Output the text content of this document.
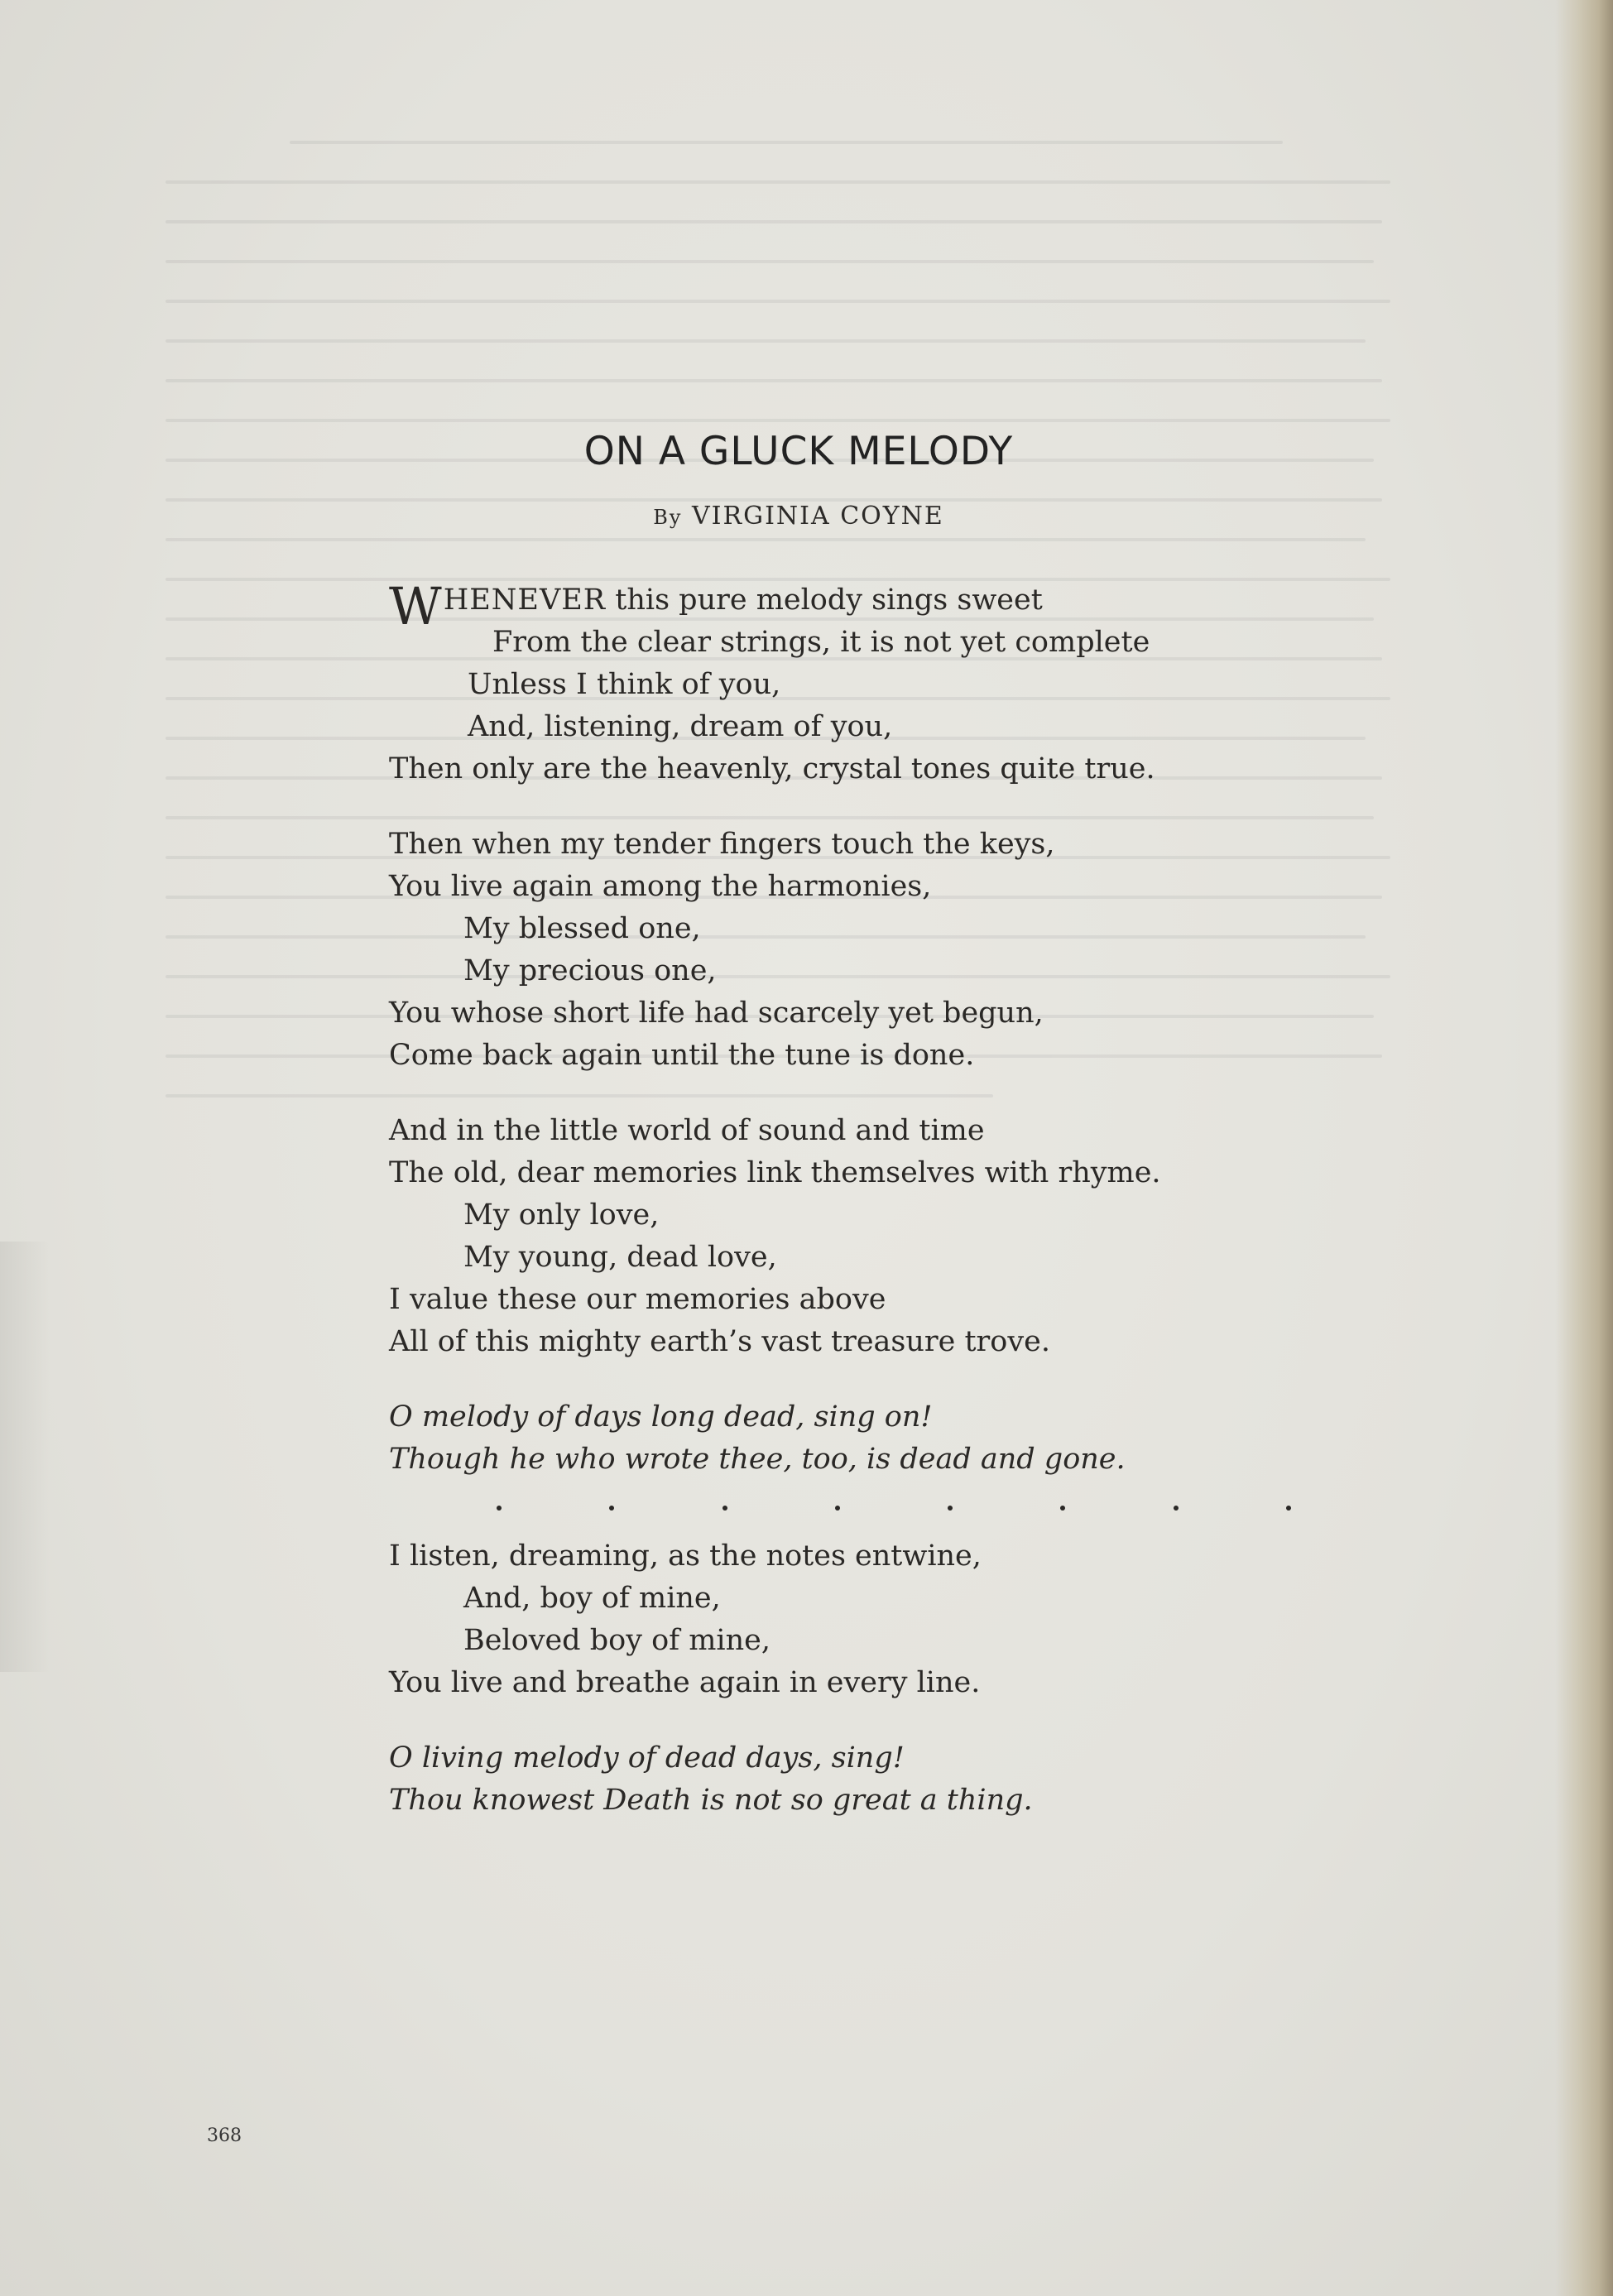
ON A GLUCK MELODY
By VIRGINIA COYNE
WHENEVER this pure melody sings sweet
From the clear strings, it is not yet complete
Unless I think of you,
And, listening, dream of you,
Then only are the heavenly, crystal tones quite true.
Then when my tender fingers touch the keys,
You live again among the harmonies,
My blessed one,
My precious one,
You whose short life had scarcely yet begun,
Come back again until the tune is done.
And in the little world of sound and time
The old, dear memories link themselves with rhyme.
My only love,
My young, dead love,
I value these our memories above
All of this mighty earth’s vast treasure trove.
O melody of days long dead, sing on!
Though he who wrote thee, too, is dead and gone.
I listen, dreaming, as the notes entwine,
And, boy of mine,
Beloved boy of mine,
You live and breathe again in every line.
O living melody of dead days, sing!
Thou knowest Death is not so great a thing.
368
